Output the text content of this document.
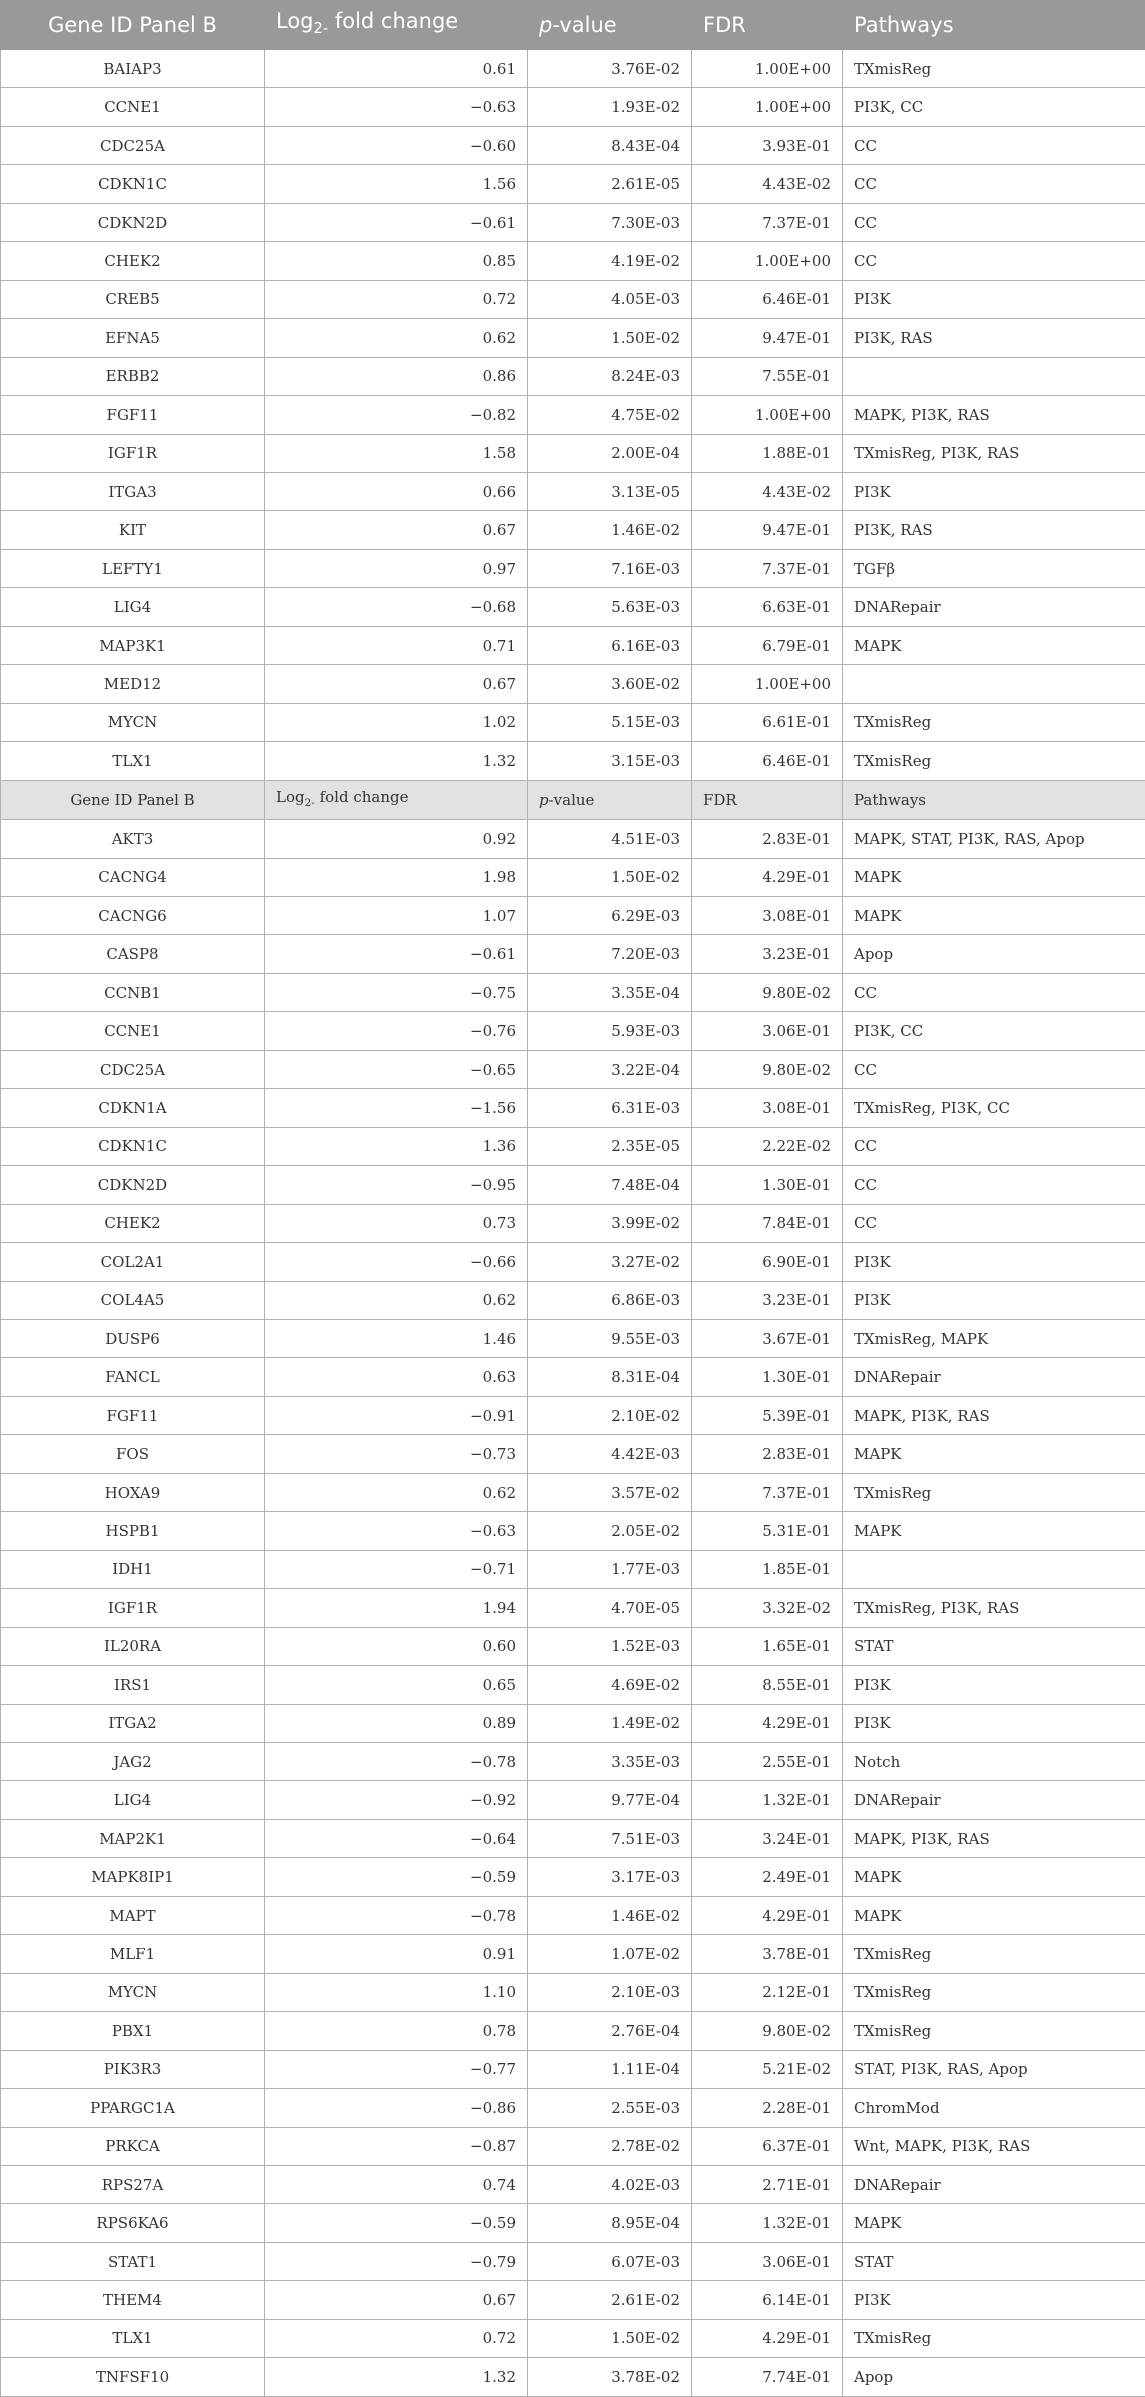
Gene ID Panel B	Log$_{2-}$ fold change	p-value	FDR	Pathways
BAIAP3	0.61	3.76E-02	1.00E+00	TXmisReg
CCNE1	−0.63	1.93E-02	1.00E+00	PI3K, CC
CDC25A	−0.60	8.43E-04	3.93E-01	CC
CDKN1C	1.56	2.61E-05	4.43E-02	CC
CDKN2D	−0.61	7.30E-03	7.37E-01	CC
CHEK2	0.85	4.19E-02	1.00E+00	CC
CREB5	0.72	4.05E-03	6.46E-01	PI3K
EFNA5	0.62	1.50E-02	9.47E-01	PI3K, RAS
ERBB2	0.86	8.24E-03	7.55E-01	
FGF11	−0.82	4.75E-02	1.00E+00	MAPK, PI3K, RAS
IGF1R	1.58	2.00E-04	1.88E-01	TXmisReg, PI3K, RAS
ITGA3	0.66	3.13E-05	4.43E-02	PI3K
KIT	0.67	1.46E-02	9.47E-01	PI3K, RAS
LEFTY1	0.97	7.16E-03	7.37E-01	TGFβ
LIG4	−0.68	5.63E-03	6.63E-01	DNARepair
MAP3K1	0.71	6.16E-03	6.79E-01	MAPK
MED12	0.67	3.60E-02	1.00E+00	
MYCN	1.02	5.15E-03	6.61E-01	TXmisReg
TLX1	1.32	3.15E-03	6.46E-01	TXmisReg
Gene ID Panel B	Log$_{2-}$ fold change	p-value	FDR	Pathways
AKT3	0.92	4.51E-03	2.83E-01	MAPK, STAT, PI3K, RAS, Apop
CACNG4	1.98	1.50E-02	4.29E-01	MAPK
CACNG6	1.07	6.29E-03	3.08E-01	MAPK
CASP8	−0.61	7.20E-03	3.23E-01	Apop
CCNB1	−0.75	3.35E-04	9.80E-02	CC
CCNE1	−0.76	5.93E-03	3.06E-01	PI3K, CC
CDC25A	−0.65	3.22E-04	9.80E-02	CC
CDKN1A	−1.56	6.31E-03	3.08E-01	TXmisReg, PI3K, CC
CDKN1C	1.36	2.35E-05	2.22E-02	CC
CDKN2D	−0.95	7.48E-04	1.30E-01	CC
CHEK2	0.73	3.99E-02	7.84E-01	CC
COL2A1	−0.66	3.27E-02	6.90E-01	PI3K
COL4A5	0.62	6.86E-03	3.23E-01	PI3K
DUSP6	1.46	9.55E-03	3.67E-01	TXmisReg, MAPK
FANCL	0.63	8.31E-04	1.30E-01	DNARepair
FGF11	−0.91	2.10E-02	5.39E-01	MAPK, PI3K, RAS
FOS	−0.73	4.42E-03	2.83E-01	MAPK
HOXA9	0.62	3.57E-02	7.37E-01	TXmisReg
HSPB1	−0.63	2.05E-02	5.31E-01	MAPK
IDH1	−0.71	1.77E-03	1.85E-01	
IGF1R	1.94	4.70E-05	3.32E-02	TXmisReg, PI3K, RAS
IL20RA	0.60	1.52E-03	1.65E-01	STAT
IRS1	0.65	4.69E-02	8.55E-01	PI3K
ITGA2	0.89	1.49E-02	4.29E-01	PI3K
JAG2	−0.78	3.35E-03	2.55E-01	Notch
LIG4	−0.92	9.77E-04	1.32E-01	DNARepair
MAP2K1	−0.64	7.51E-03	3.24E-01	MAPK, PI3K, RAS
MAPK8IP1	−0.59	3.17E-03	2.49E-01	MAPK
MAPT	−0.78	1.46E-02	4.29E-01	MAPK
MLF1	0.91	1.07E-02	3.78E-01	TXmisReg
MYCN	1.10	2.10E-03	2.12E-01	TXmisReg
PBX1	0.78	2.76E-04	9.80E-02	TXmisReg
PIK3R3	−0.77	1.11E-04	5.21E-02	STAT, PI3K, RAS, Apop
PPARGC1A	−0.86	2.55E-03	2.28E-01	ChromMod
PRKCA	−0.87	2.78E-02	6.37E-01	Wnt, MAPK, PI3K, RAS
RPS27A	0.74	4.02E-03	2.71E-01	DNARepair
RPS6KA6	−0.59	8.95E-04	1.32E-01	MAPK
STAT1	−0.79	6.07E-03	3.06E-01	STAT
THEM4	0.67	2.61E-02	6.14E-01	PI3K
TLX1	0.72	1.50E-02	4.29E-01	TXmisReg
TNFSF10	1.32	3.78E-02	7.74E-01	Apop
